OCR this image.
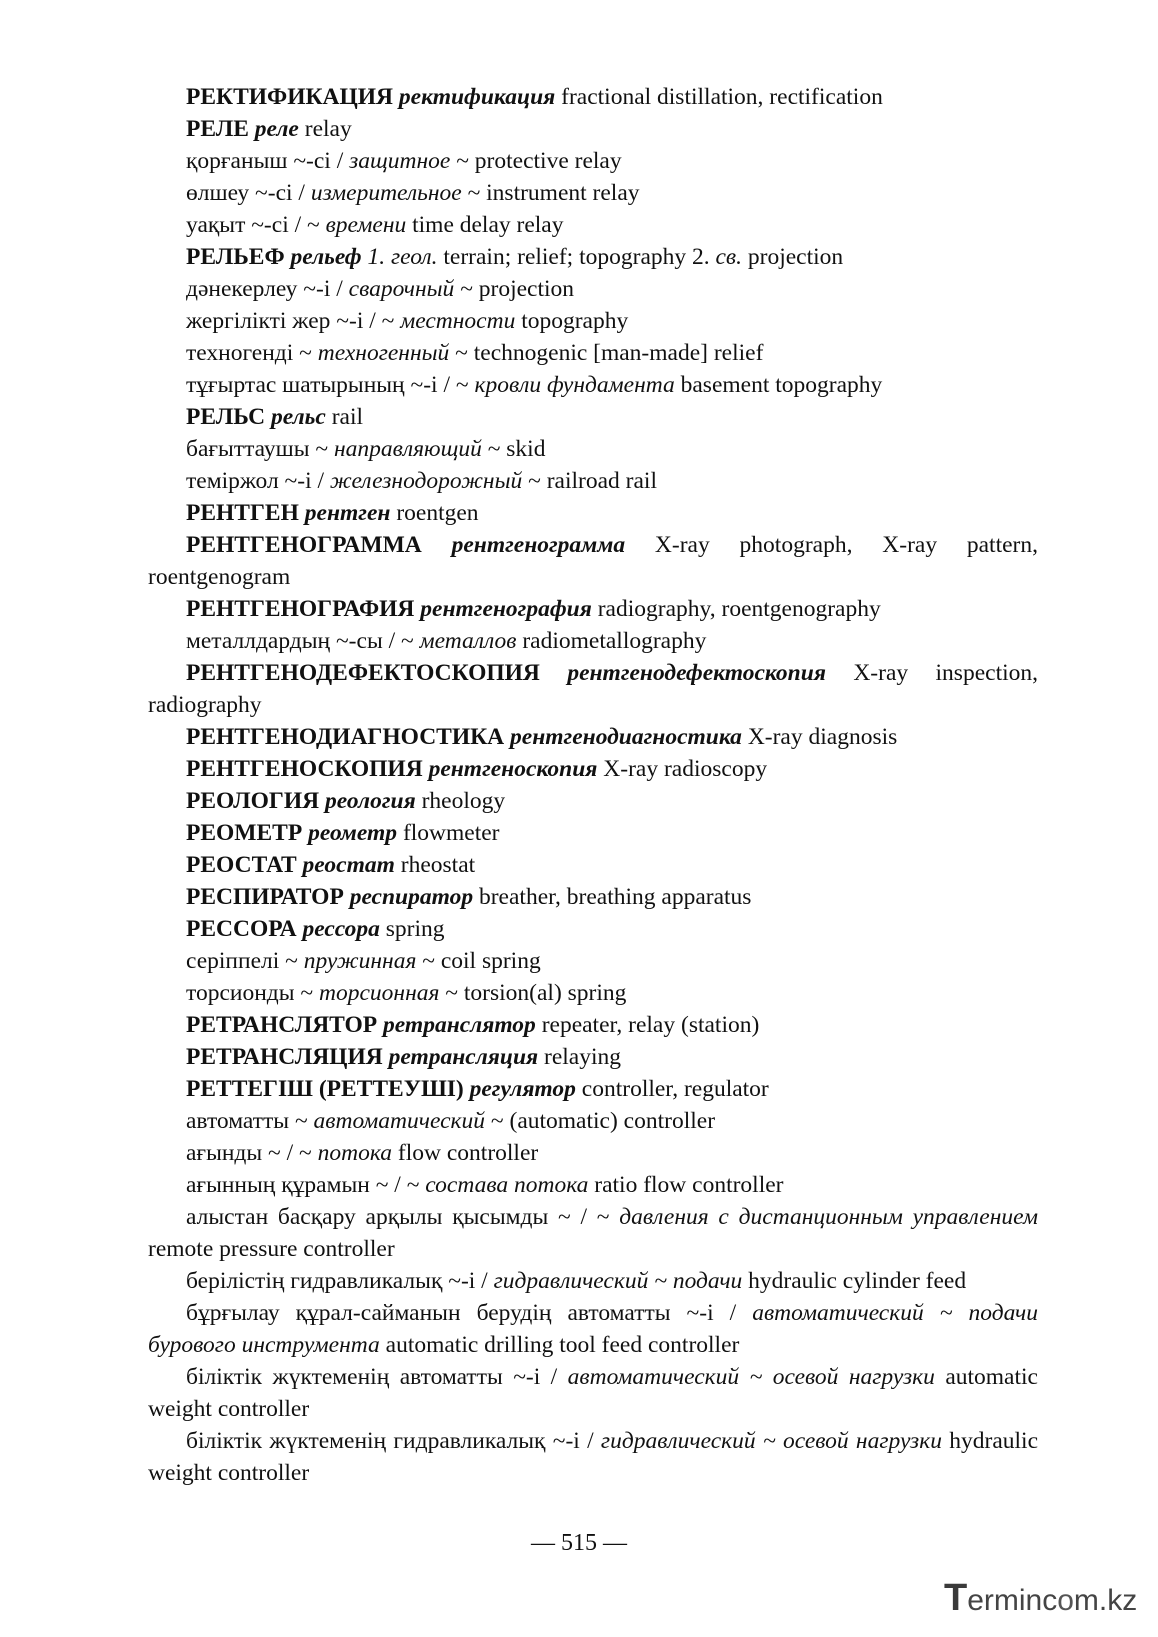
РЕКТИФИКАЦИЯ ректификация fractional distillation, rectification

РЕЛЕ реле relay

қорғаныш ~-сі / защитное ~ protective relay

өлшеу ~-сі / измерительное ~ instrument relay

уақыт ~-сі / ~ времени time delay relay

РЕЛЬЕФ рельеф 1. геол. terrain; relief; topography 2. св. projection

дәнекерлеу ~-і / сварочный ~ projection

жергілікті жер ~-і / ~ местности topography

техногенді ~ техногенный ~ technogenic [man-made] relief

тұғыртас шатырының ~-і / ~ кровли фундамента basement topography

РЕЛЬС рельс rail

бағыттаушы ~ направляющий ~ skid

теміржол ~-і / железнодорожный ~ railroad rail

РЕНТГЕН рентген roentgen

РЕНТГЕНОГРАММА рентгенограмма X-ray photograph, X-ray pattern, roentgenogram

РЕНТГЕНОГРАФИЯ рентгенография radiography, roentgenography

металлдардың ~-сы / ~ металлов radiometallography

РЕНТГЕНОДЕФЕКТОСКОПИЯ рентгенодефектоскопия X-ray inspection, radiography

РЕНТГЕНОДИАГНОСТИКА рентгенодиагностика X-ray diagnosis

РЕНТГЕНОСКОПИЯ рентгеноскопия X-ray radioscopy

РЕОЛОГИЯ реология rheology

РЕОМЕТР реометр flowmeter

РЕОСТАТ реостат rheostat

РЕСПИРАТОР респиратор breather, breathing apparatus

РЕССОРА рессора spring

серіппелі ~ пружинная ~ coil spring

торсионды ~ торсионная ~ torsion(al) spring

РЕТРАНСЛЯТОР ретранслятор repeater, relay (station)

РЕТРАНСЛЯЦИЯ ретрансляция relaying

РЕТТЕГІШ (РЕТТЕУШІ) регулятор controller, regulator

автоматты ~ автоматический ~ (automatic) controller

ағынды ~ / ~ потока flow controller

ағынның құрамын ~ / ~ состава потока ratio flow controller

алыстан басқару арқылы қысымды ~ / ~ давления с дистанционным управлением remote pressure controller

берілістің гидравликалық ~-і / гидравлический ~ подачи hydraulic cylinder feed

бұрғылау құрал-сайманын берудің автоматты ~-і / автоматический ~ подачи бурового инструмента automatic drilling tool feed controller

біліктік жүктеменің автоматты ~-і / автоматический ~ осевой нагрузки automatic weight controller

біліктік жүктеменің гидравликалық ~-і / гидравлический ~ осевой нагрузки hydraulic weight controller

— 515 —
Termincоm.kz
